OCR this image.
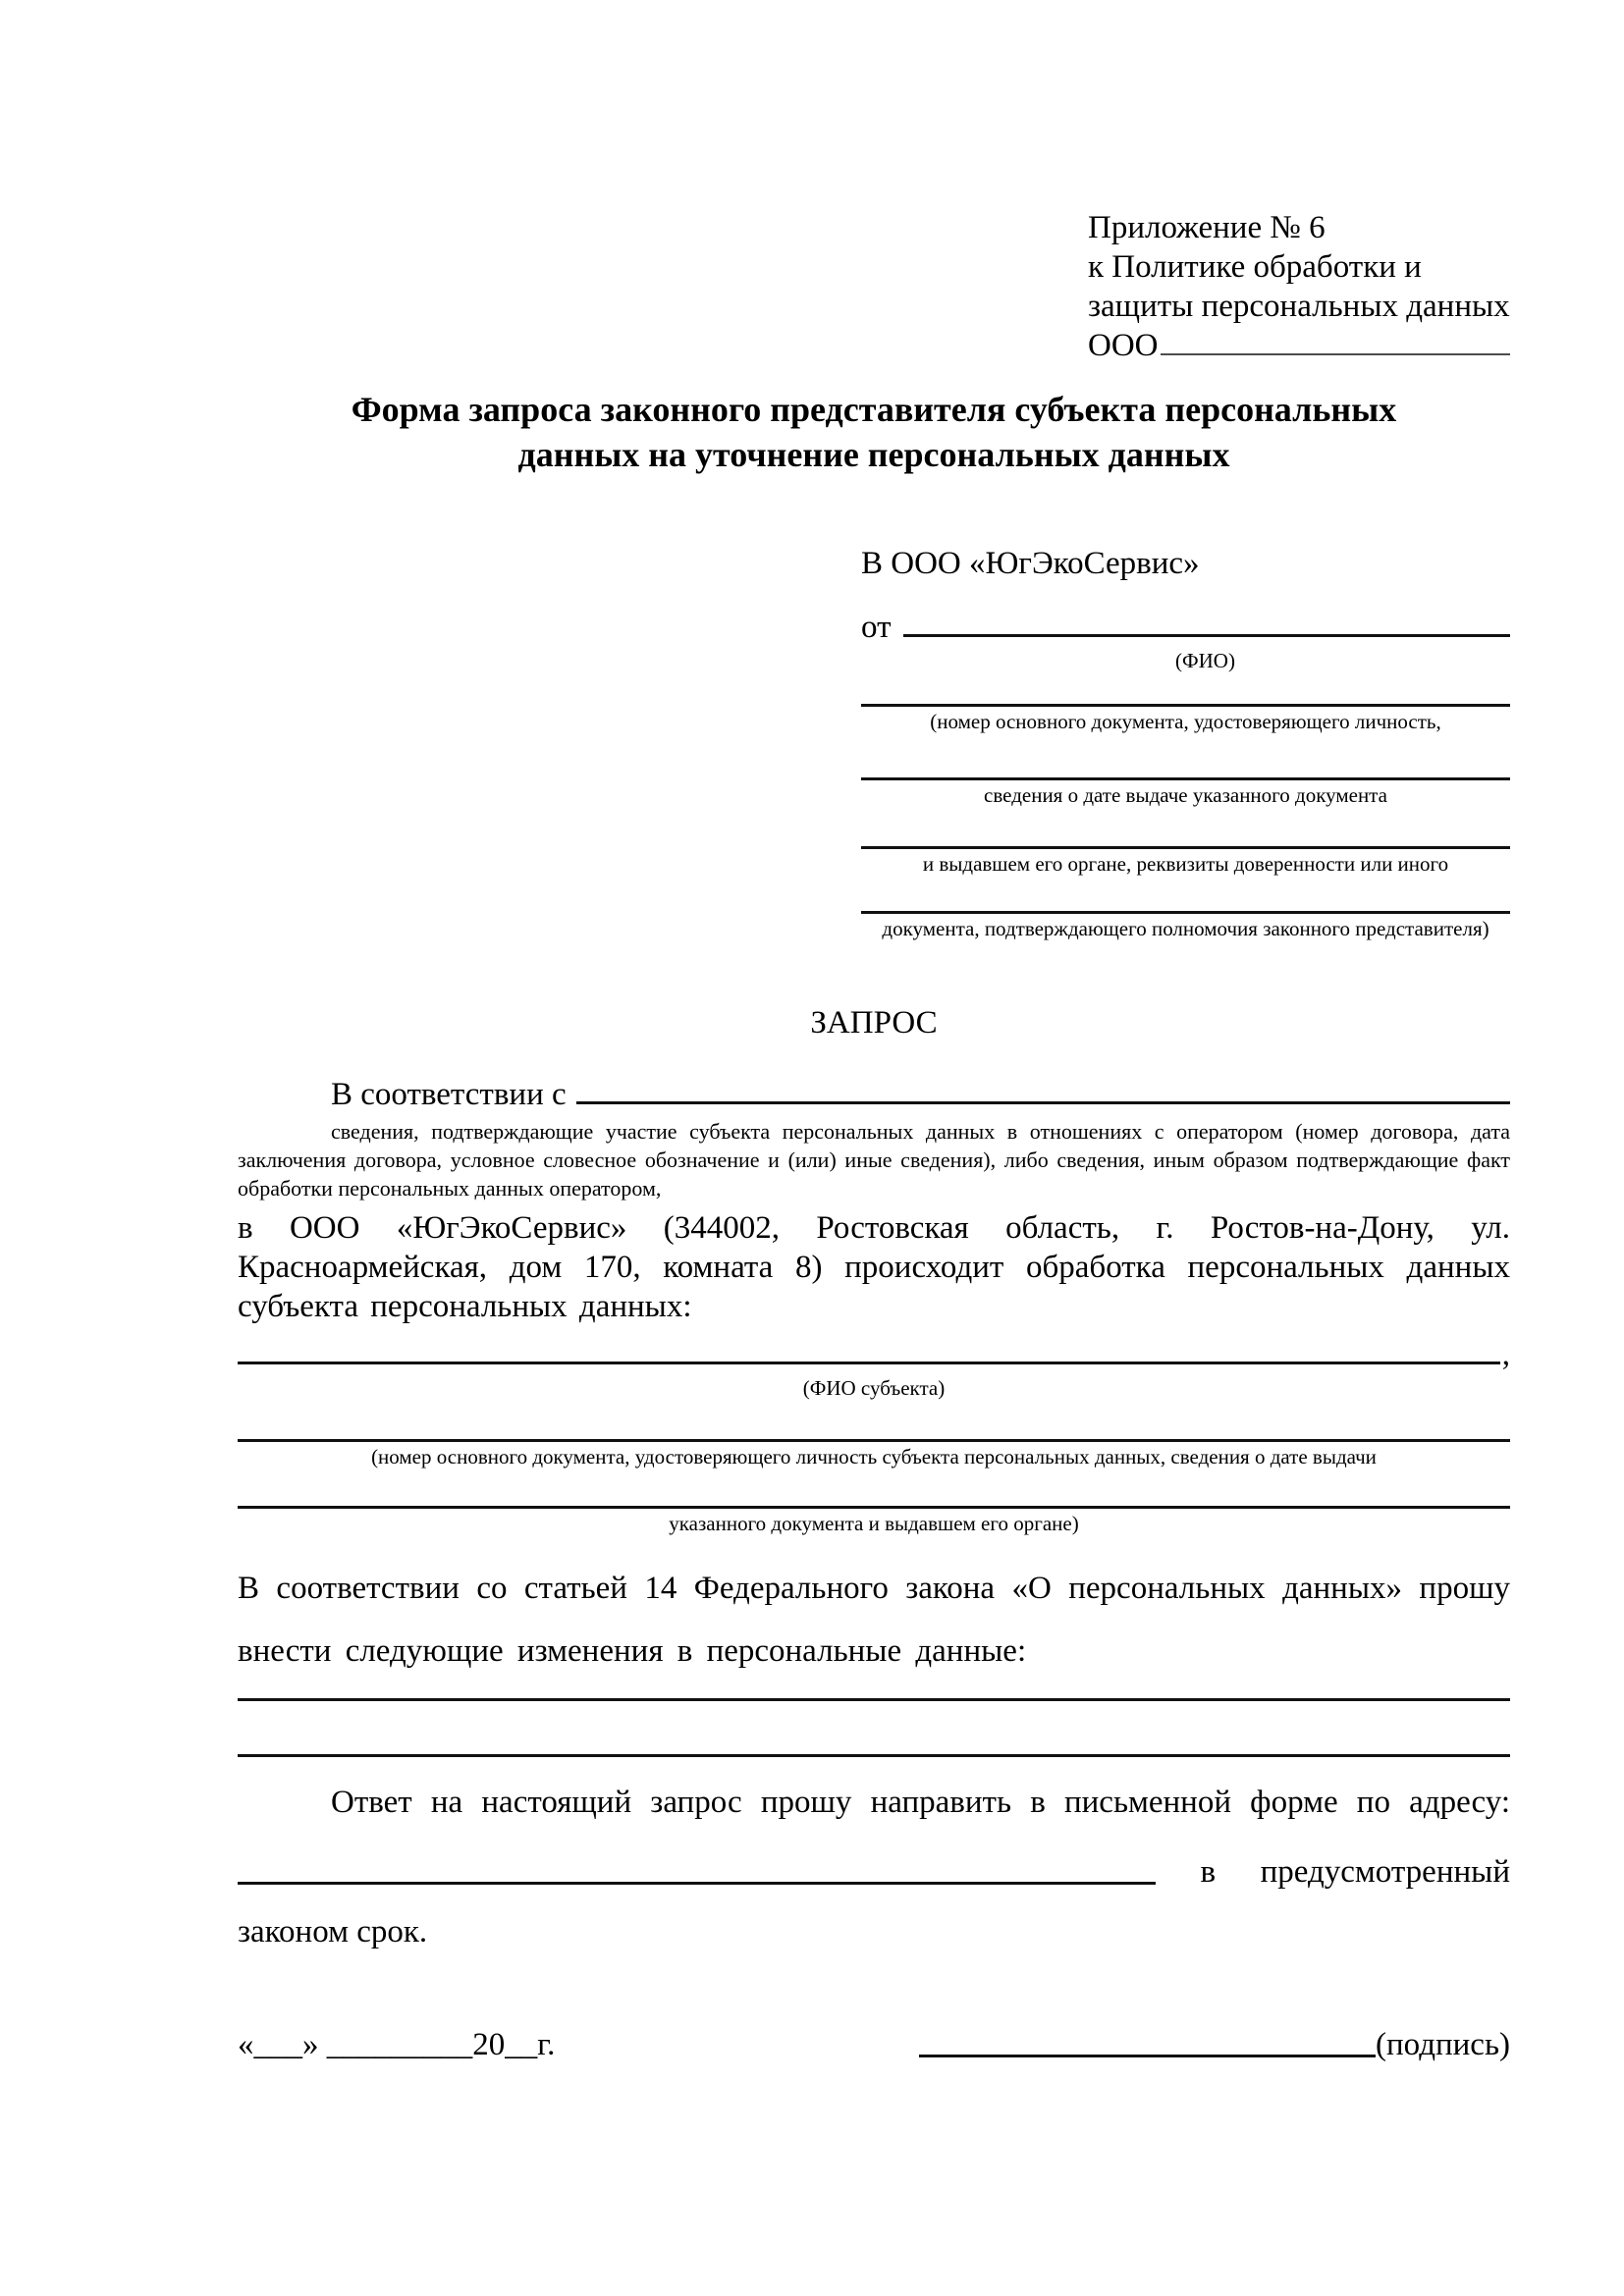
Приложение № 6
к Политике обработки и
защиты персональных данных
ООО
Форма запроса законного представителя субъекта персональных
данных на уточнение персональных данных
В ООО «ЮгЭкоСервис»
от
(ФИО)
(номер основного документа, удостоверяющего личность,
сведения о дате выдаче указанного документа
и выдавшем его органе, реквизиты доверенности или иного
документа, подтверждающего полномочия законного представителя)
ЗАПРОС
В соответствии с
сведения, подтверждающие участие субъекта персональных данных в отношениях с оператором (номер договора, дата заключения договора, условное словесное обозначение и (или) иные сведения), либо сведения, иным образом подтверждающие факт обработки персональных данных оператором,
в ООО «ЮгЭкоСервис» (344002, Ростовская область, г. Ростов-на-Дону, ул. Красноармейская, дом 170, комната 8) происходит обработка персональных данных субъекта персональных данных:
,
(ФИО субъекта)
(номер основного документа, удостоверяющего личность субъекта персональных данных, сведения о дате выдачи
указанного документа и выдавшем его органе)
В соответствии со статьей 14 Федерального закона «О персональных данных» прошу внести следующие изменения в персональные данные:
Ответ на настоящий запрос прошу направить в письменной форме по адресу:
в предусмотренный
законом срок.
«___» _________20__г.	(подпись)
